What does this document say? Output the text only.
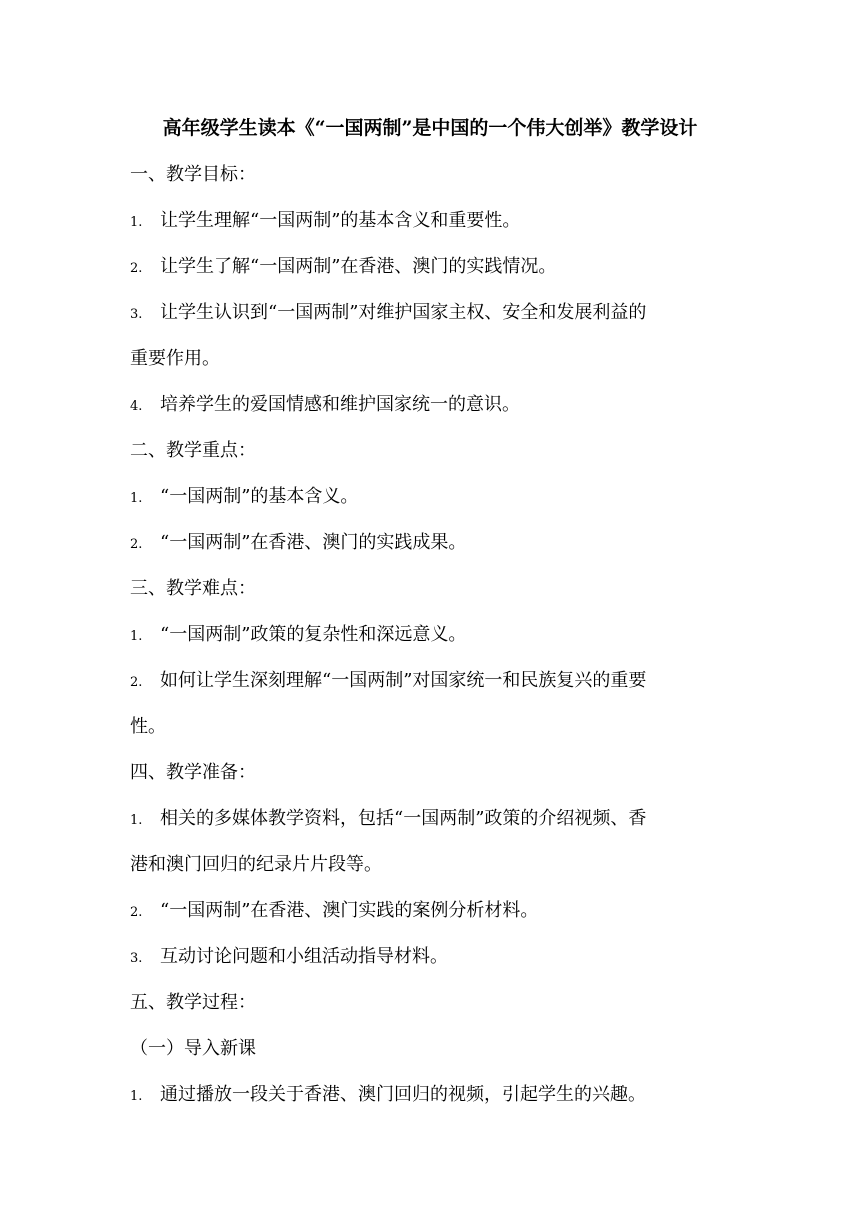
高年级学生读本《“一国两制”是中国的一个伟大创举》教学设计
一、教学目标：
1. 让学生理解“一国两制”的基本含义和重要性。
2. 让学生了解“一国两制”在香港、澳门的实践情况。
3. 让学生认识到“一国两制”对维护国家主权、安全和发展利益的
重要作用。
4. 培养学生的爱国情感和维护国家统一的意识。
二、教学重点：
1. “一国两制”的基本含义。
2. “一国两制”在香港、澳门的实践成果。
三、教学难点：
1. “一国两制”政策的复杂性和深远意义。
2. 如何让学生深刻理解“一国两制”对国家统一和民族复兴的重要
性。
四、教学准备：
1. 相关的多媒体教学资料，包括“一国两制”政策的介绍视频、香
港和澳门回归的纪录片片段等。
2. “一国两制”在香港、澳门实践的案例分析材料。
3. 互动讨论问题和小组活动指导材料。
五、教学过程：
（一）导入新课
1. 通过播放一段关于香港、澳门回归的视频，引起学生的兴趣。
